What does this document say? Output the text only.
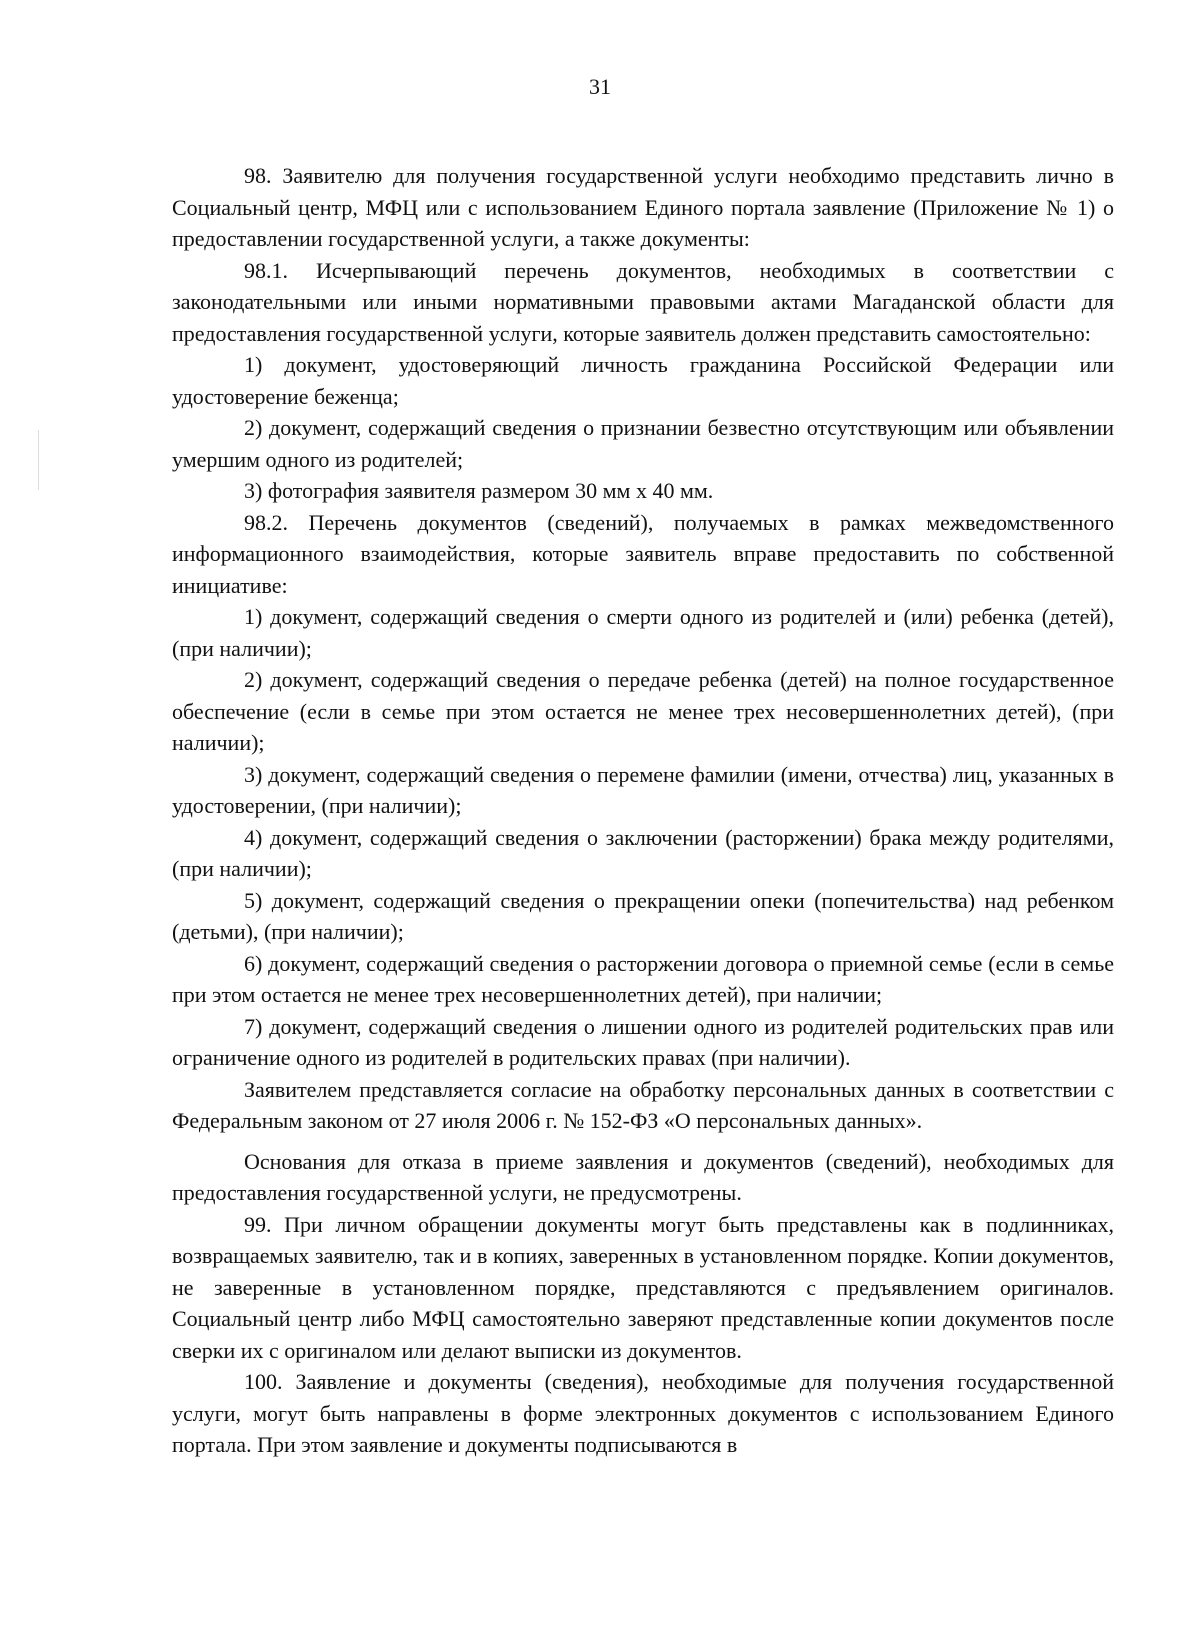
31

98. Заявителю для получения государственной услуги необходимо представить лично в Социальный центр, МФЦ или с использованием Единого портала заявление (Приложение № 1) о предоставлении государственной услуги, а также документы:

98.1. Исчерпывающий перечень документов, необходимых в соответствии с законодательными или иными нормативными правовыми актами Магаданской области для предоставления государственной услуги, которые заявитель должен представить самостоятельно:

1) документ, удостоверяющий личность гражданина Российской Федерации или удостоверение беженца;

2) документ, содержащий сведения о признании безвестно отсутствующим или объявлении умершим одного из родителей;

3) фотография заявителя размером 30 мм х 40 мм.

98.2. Перечень документов (сведений), получаемых в рамках межведомственного информационного взаимодействия, которые заявитель вправе предоставить по собственной инициативе:

1) документ, содержащий сведения о смерти одного из родителей и (или) ребенка (детей), (при наличии);

2) документ, содержащий сведения о передаче ребенка (детей) на полное государственное обеспечение (если в семье при этом остается не менее трех несовершеннолетних детей), (при наличии);

3) документ, содержащий сведения о перемене фамилии (имени, отчества) лиц, указанных в удостоверении, (при наличии);

4) документ, содержащий сведения о заключении (расторжении) брака между родителями, (при наличии);

5) документ, содержащий сведения о прекращении опеки (попечительства) над ребенком (детьми), (при наличии);

6) документ, содержащий сведения о расторжении договора о приемной семье (если в семье при этом остается не менее трех несовершеннолетних детей), при наличии;

7) документ, содержащий сведения о лишении одного из родителей родительских прав или ограничение одного из родителей в родительских правах (при наличии).

Заявителем представляется согласие на обработку персональных данных в соответствии с Федеральным законом от 27 июля 2006 г. № 152-ФЗ «О персональных данных».

Основания для отказа в приеме заявления и документов (сведений), необходимых для предоставления государственной услуги, не предусмотрены.

99. При личном обращении документы могут быть представлены как в подлинниках, возвращаемых заявителю, так и в копиях, заверенных в установленном порядке. Копии документов, не заверенные в установленном порядке, представляются с предъявлением оригиналов. Социальный центр либо МФЦ самостоятельно заверяют представленные копии документов после сверки их с оригиналом или делают выписки из документов.

100. Заявление и документы (сведения), необходимые для получения государственной услуги, могут быть направлены в форме электронных документов с использованием Единого портала. При этом заявление и документы подписываются в
